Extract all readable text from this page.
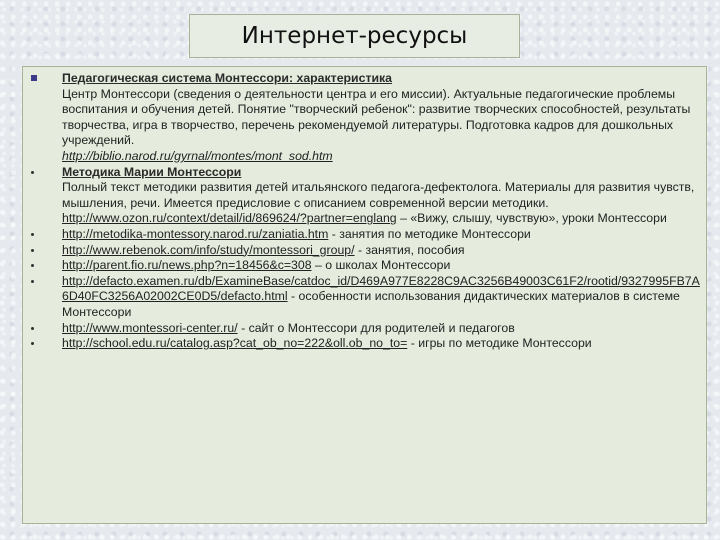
Интернет-ресурсы
Педагогическая система Монтессори: характеристика
Центр Монтессори (сведения о деятельности центра и его миссии). Актуальные педагогические проблемы воспитания и обучения детей. Понятие "творческий ребенок": развитие творческих способностей, результаты творчества, игра в творчество, перечень рекомендуемой литературы. Подготовка кадров для дошкольных учреждений.
http://biblio.narod.ru/gyrnal/montes/mont_sod.htm
Методика Марии Монтессори
Полный текст методики развития детей итальянского педагога-дефектолога. Материалы для развития чувств, мышления, речи. Имеется предисловие с описанием современной версии методики.
http://www.ozon.ru/context/detail/id/869624/?partner=englang – «Вижу, слышу, чувствую», уроки Монтессори
http://metodika-montessory.narod.ru/zaniatia.htm - занятия по методике Монтессори
http://www.rebenok.com/info/study/montessori_group/ - занятия, пособия
http://parent.fio.ru/news.php?n=18456&c=308 – о школах Монтессори
http://defacto.examen.ru/db/ExamineBase/catdoc_id/D469A977E8228C9AC3256B49003C61F2/rootid/9327995FB7A6D40FC3256A02002CE0D5/defacto.html - особенности использования дидактических материалов в системе Монтессори
http://www.montessori-center.ru/ - сайт о Монтессори для родителей и педагогов
http://school.edu.ru/catalog.asp?cat_ob_no=222&oll.ob_no_to= - игры по методике Монтессори
